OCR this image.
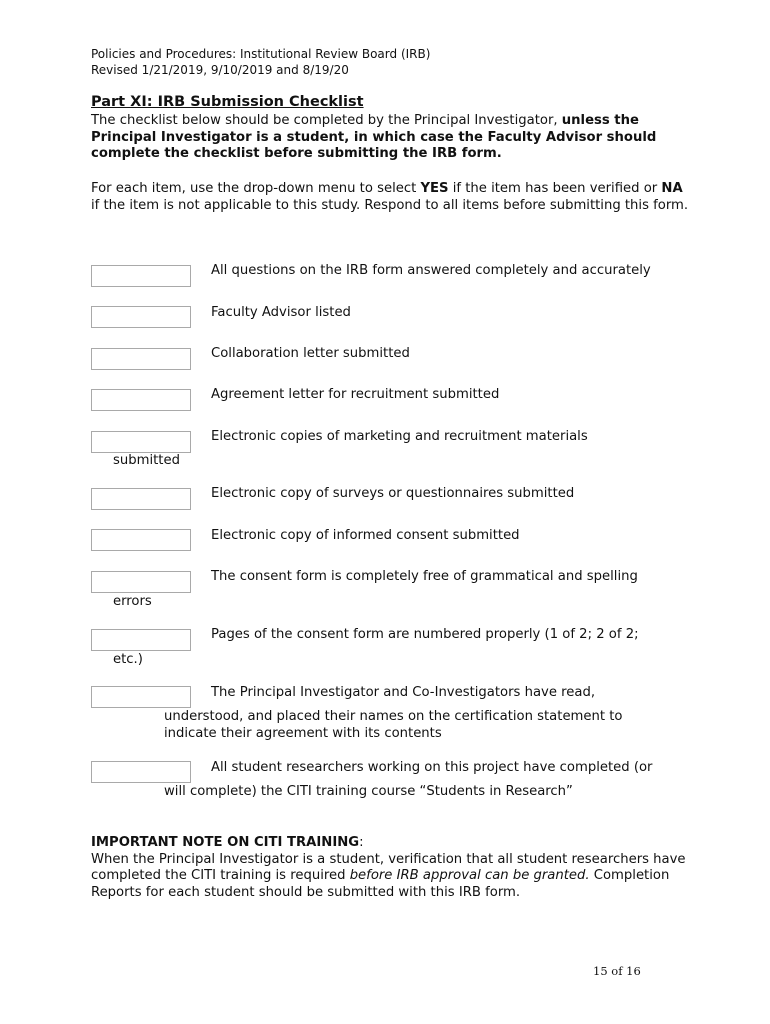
Policies and Procedures: Institutional Review Board (IRB)
Revised 1/21/2019, 9/10/2019 and 8/19/20
Part XI: IRB Submission Checklist
The checklist below should be completed by the Principal Investigator, unless the Principal Investigator is a student, in which case the Faculty Advisor should complete the checklist before submitting the IRB form.
For each item, use the drop-down menu to select YES if the item has been verified or NA if the item is not applicable to this study. Respond to all items before submitting this form.
All questions on the IRB form answered completely and accurately
Faculty Advisor listed
Collaboration letter submitted
Agreement letter for recruitment submitted
Electronic copies of marketing and recruitment materials
submitted
Electronic copy of surveys or questionnaires submitted
Electronic copy of informed consent submitted
The consent form is completely free of grammatical and spelling
errors
Pages of the consent form are numbered properly (1 of 2; 2 of 2;
etc.)
The Principal Investigator and Co-Investigators have read,
understood, and placed their names on the certification statement to
indicate their agreement with its contents
All student researchers working on this project have completed (or
will complete) the CITI training course “Students in Research”
IMPORTANT NOTE ON CITI TRAINING:
When the Principal Investigator is a student, verification that all student researchers have completed the CITI training is required before IRB approval can be granted. Completion Reports for each student should be submitted with this IRB form.
15 of 16
